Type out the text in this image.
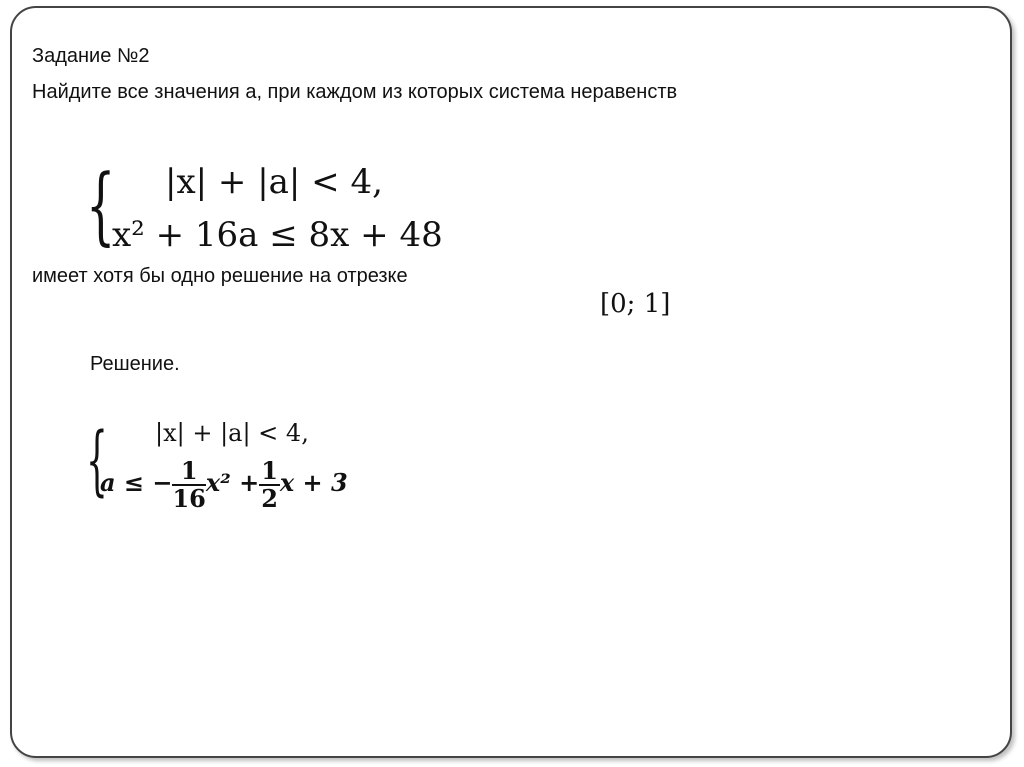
Задание №2
Найдите все значения а, при каждом из которых система неравенств
{ |x| + |a| < 4,
x² + 16a ≤ 8x + 48
имеет хотя бы одно решение на отрезке
[0; 1]
Решение.
{ |x| + |a| < 4,
a ≤ − $\frac{1}{16} x^2 + \frac{1}{2}$ x + 3
